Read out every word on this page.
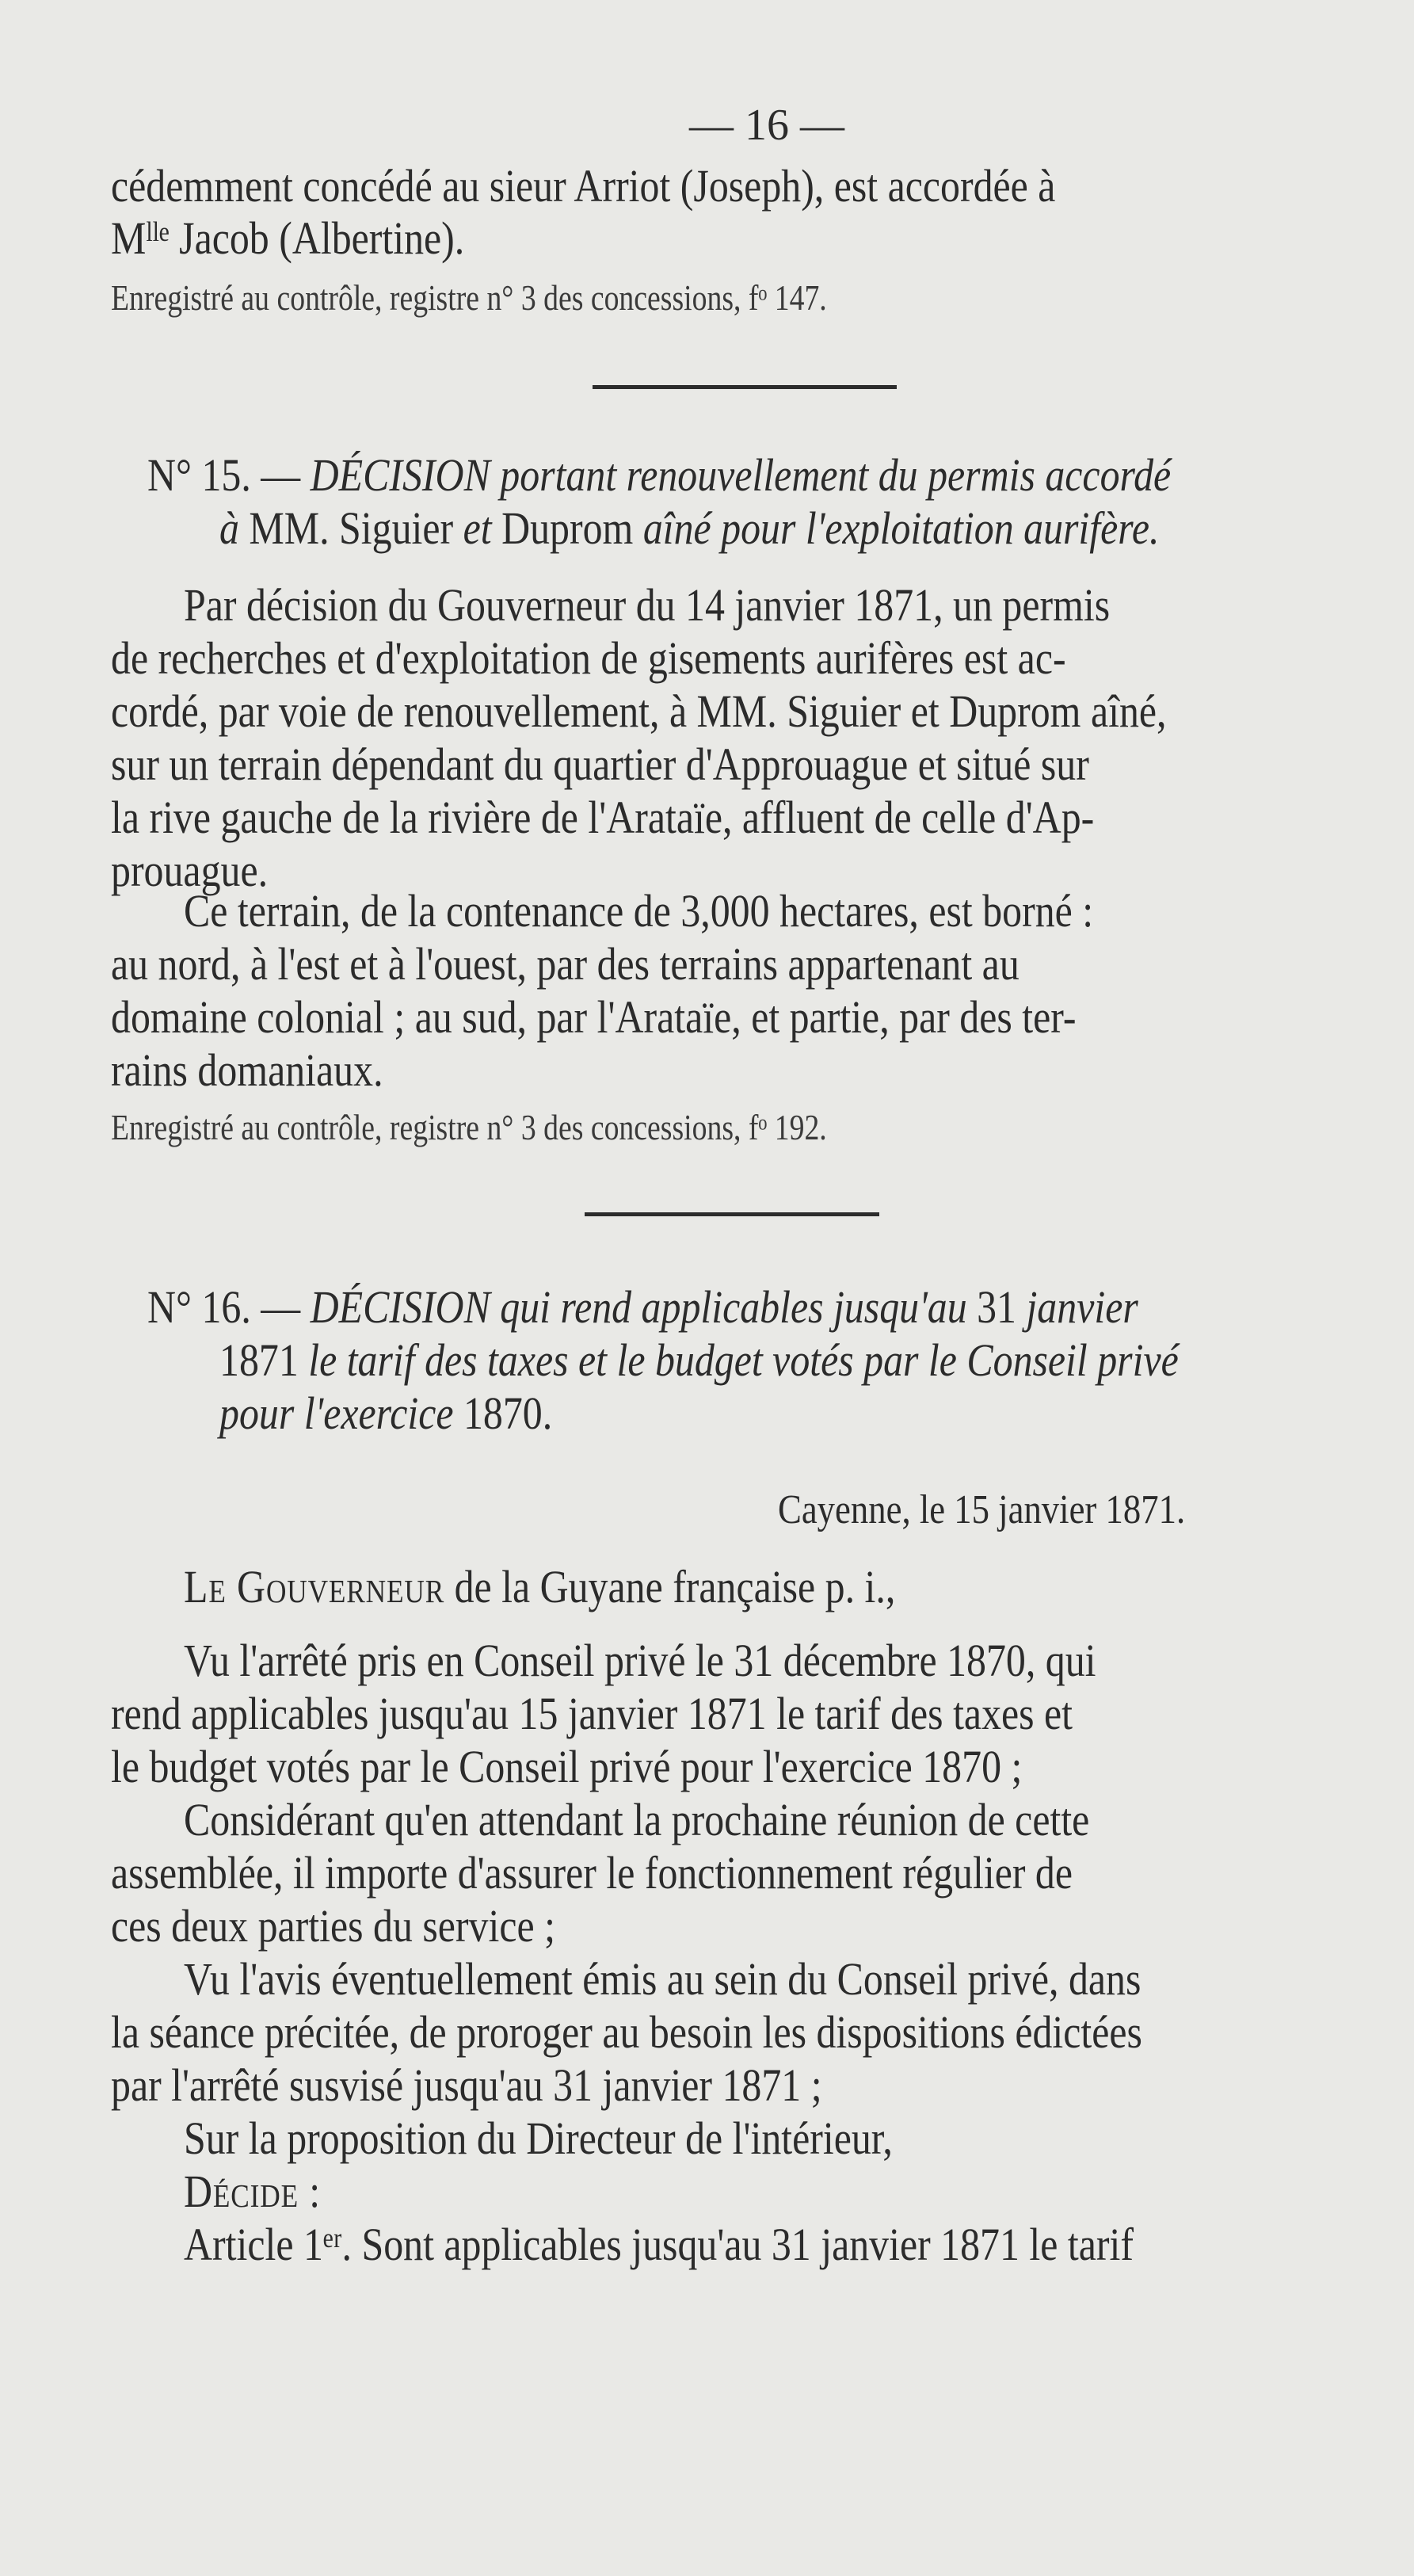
— 16 —
cédemment concédé au sieur Arriot (Joseph), est accordée à
Mˡˡᵉ Jacob (Albertine).
Enregistré au contrôle, registre n° 3 des concessions, fᵒ 147.
N° 15. — DÉCISION portant renouvellement du permis accordé
à MM. Siguier et Duprom aîné pour l'exploitation aurifère.
Par décision du Gouverneur du 14 janvier 1871, un permis
de recherches et d'exploitation de gisements aurifères est ac-
cordé, par voie de renouvellement, à MM. Siguier et Duprom aîné,
sur un terrain dépendant du quartier d'Approuague et situé sur
la rive gauche de la rivière de l'Arataïe, affluent de celle d'Ap-
prouague.
Ce terrain, de la contenance de 3,000 hectares, est borné :
au nord, à l'est et à l'ouest, par des terrains appartenant au
domaine colonial ; au sud, par l'Arataïe, et partie, par des ter-
rains domaniaux.
Enregistré au contrôle, registre n° 3 des concessions, fᵒ 192.
N° 16. — DÉCISION qui rend applicables jusqu'au 31 janvier
1871 le tarif des taxes et le budget votés par le Conseil privé
pour l'exercice 1870.
Cayenne, le 15 janvier 1871.
Le Gouverneur de la Guyane française p. i.,
Vu l'arrêté pris en Conseil privé le 31 décembre 1870, qui
rend applicables jusqu'au 15 janvier 1871 le tarif des taxes et
le budget votés par le Conseil privé pour l'exercice 1870 ;
Considérant qu'en attendant la prochaine réunion de cette
assemblée, il importe d'assurer le fonctionnement régulier de
ces deux parties du service ;
Vu l'avis éventuellement émis au sein du Conseil privé, dans
la séance précitée, de proroger au besoin les dispositions édictées
par l'arrêté susvisé jusqu'au 31 janvier 1871 ;
Sur la proposition du Directeur de l'intérieur,
Décide :
Article 1ᵉʳ. Sont applicables jusqu'au 31 janvier 1871 le tarif
